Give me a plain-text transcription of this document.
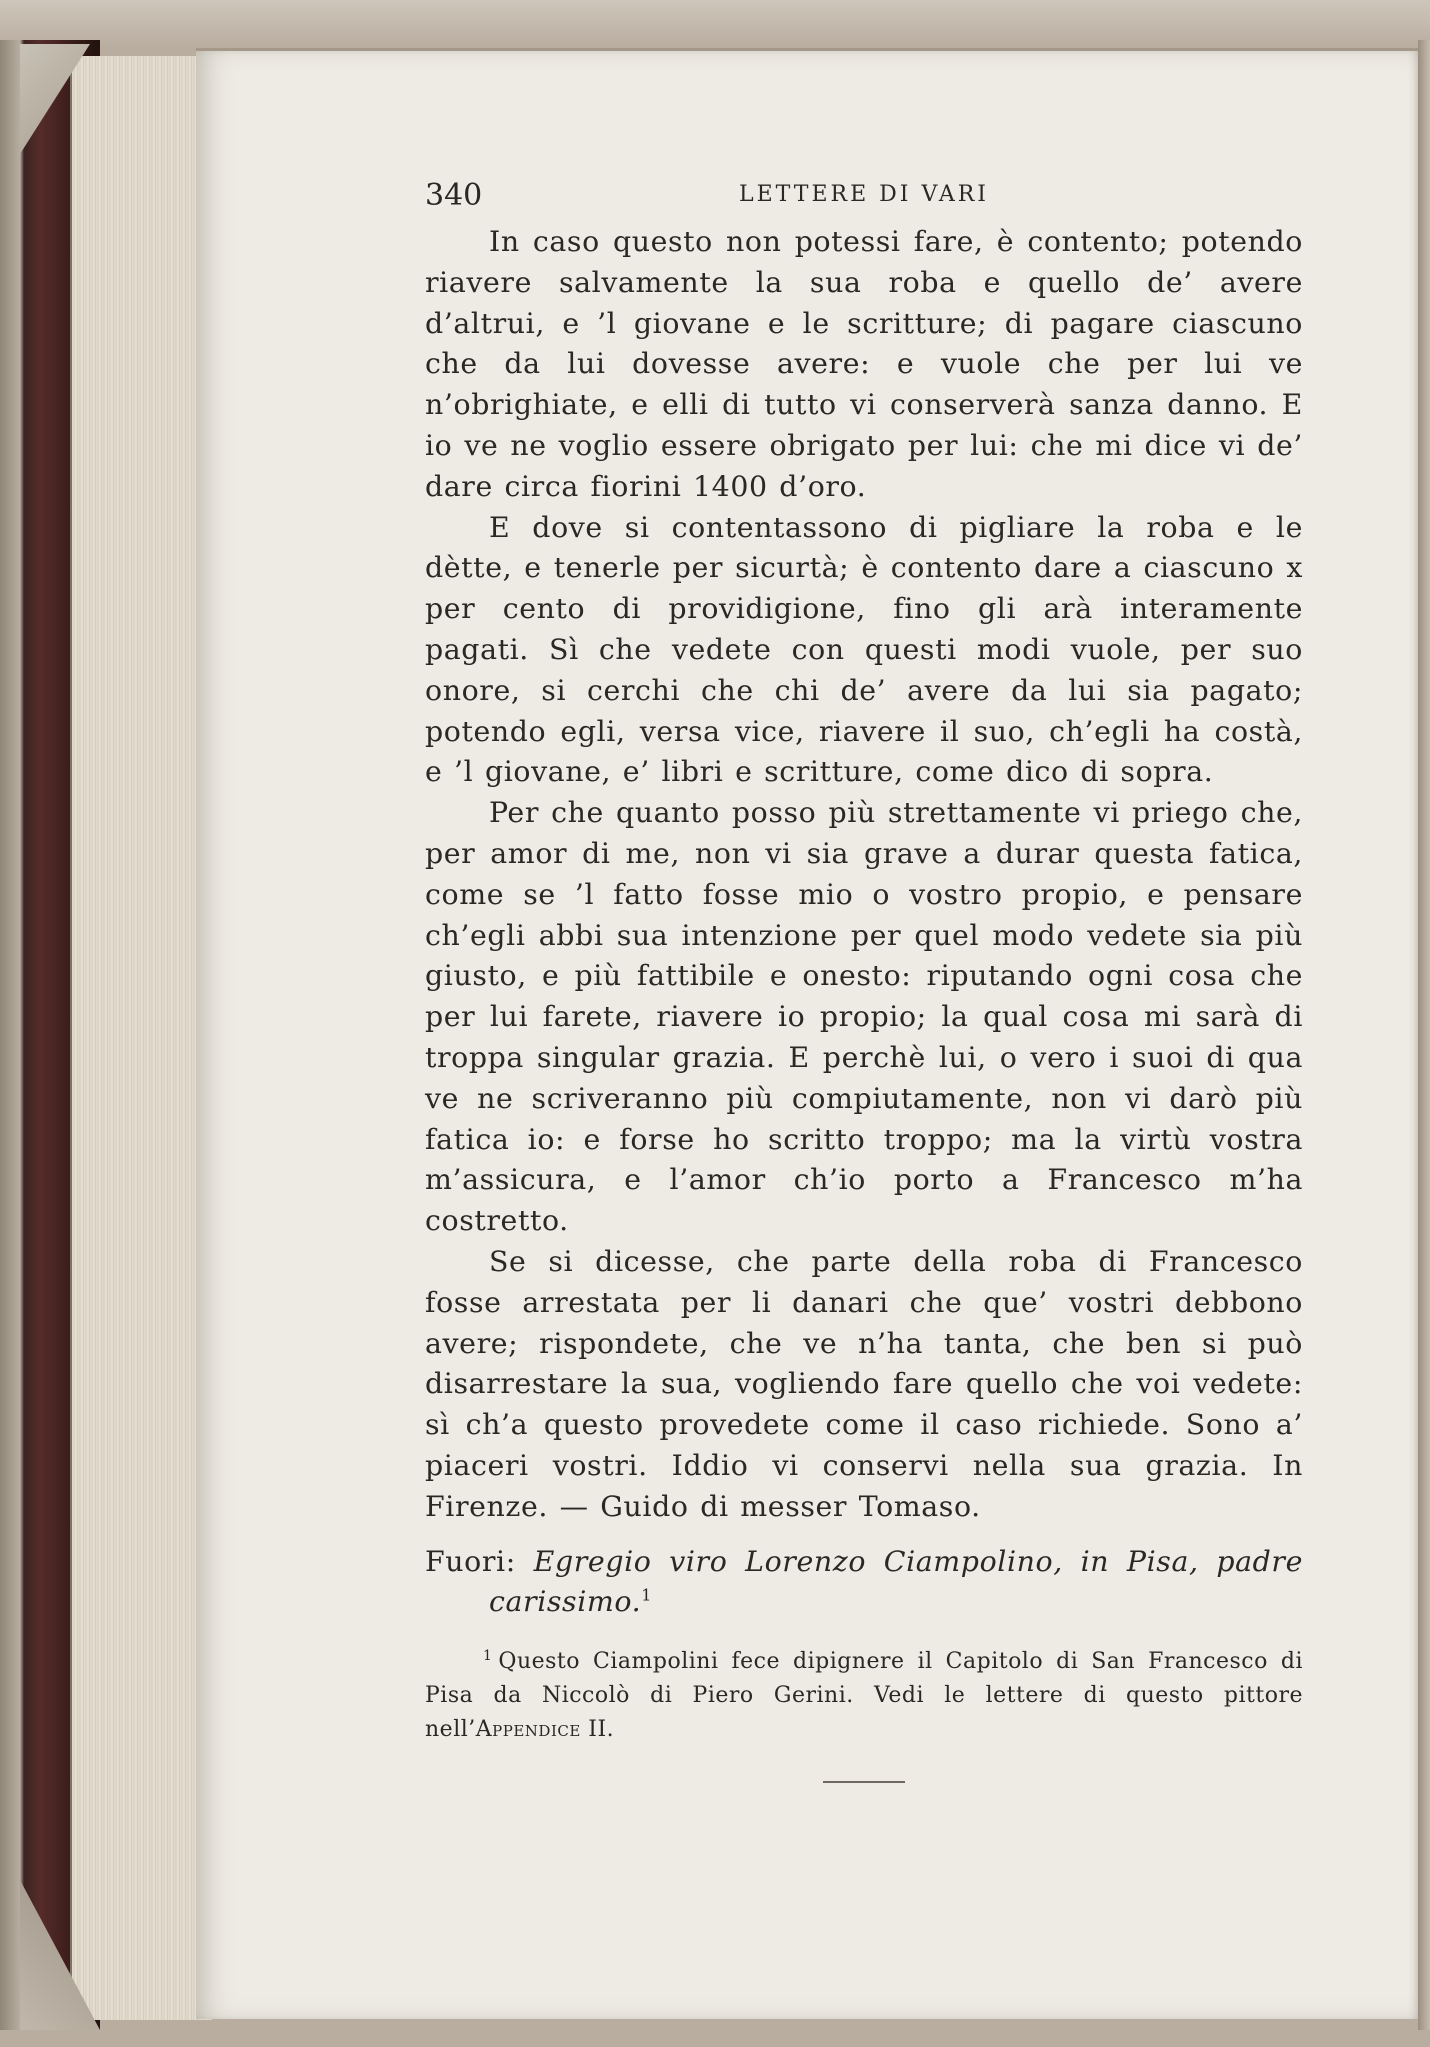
340	LETTERE DI VARI

In caso questo non potessi fare, è contento; potendo riavere salvamente la sua roba e quello de’ avere d’altrui, e ’l giovane e le scritture; di pagare ciascuno che da lui dovesse avere: e vuole che per lui ve n’obrighiate, e elli di tutto vi conserverà sanza danno. E io ve ne voglio essere obrigato per lui: che mi dice vi de’ dare circa fiorini 1400 d’oro.

E dove si contentassono di pigliare la roba e le dètte, e tenerle per sicurtà; è contento dare a ciascuno x per cento di providigione, fino gli arà interamente pagati. Sì che vedete con questi modi vuole, per suo onore, si cerchi che chi de’ avere da lui sia pagato; potendo egli, versa vice, riavere il suo, ch’egli ha costà, e ’l giovane, e’ libri e scritture, come dico di sopra.

Per che quanto posso più strettamente vi priego che, per amor di me, non vi sia grave a durar questa fatica, come se ’l fatto fosse mio o vostro propio, e pensare ch’egli abbi sua intenzione per quel modo vedete sia più giusto, e più fattibile e onesto: riputando ogni cosa che per lui farete, riavere io propio; la qual cosa mi sarà di troppa singular grazia. E perchè lui, o vero i suoi di qua ve ne scriveranno più compiutamente, non vi darò più fatica io: e forse ho scritto troppo; ma la virtù vostra m’assicura, e l’amor ch’io porto a Francesco m’ha costretto.

Se si dicesse, che parte della roba di Francesco fosse arrestata per li danari che que’ vostri debbono avere; rispondete, che ve n’ha tanta, che ben si può disarrestare la sua, vogliendo fare quello che voi vedete: sì ch’a questo provedete come il caso richiede. Sono a’ piaceri vostri. Iddio vi conservi nella sua grazia. In Firenze. — Guido di messer Tomaso.

Fuori: Egregio viro Lorenzo Ciampolino, in Pisa, padre carissimo.$^1$

$^1$ Questo Ciampolini fece dipignere il Capitolo di San Francesco di Pisa da Niccolò di Piero Gerini. Vedi le lettere di questo pittore nell’Appendice II.
